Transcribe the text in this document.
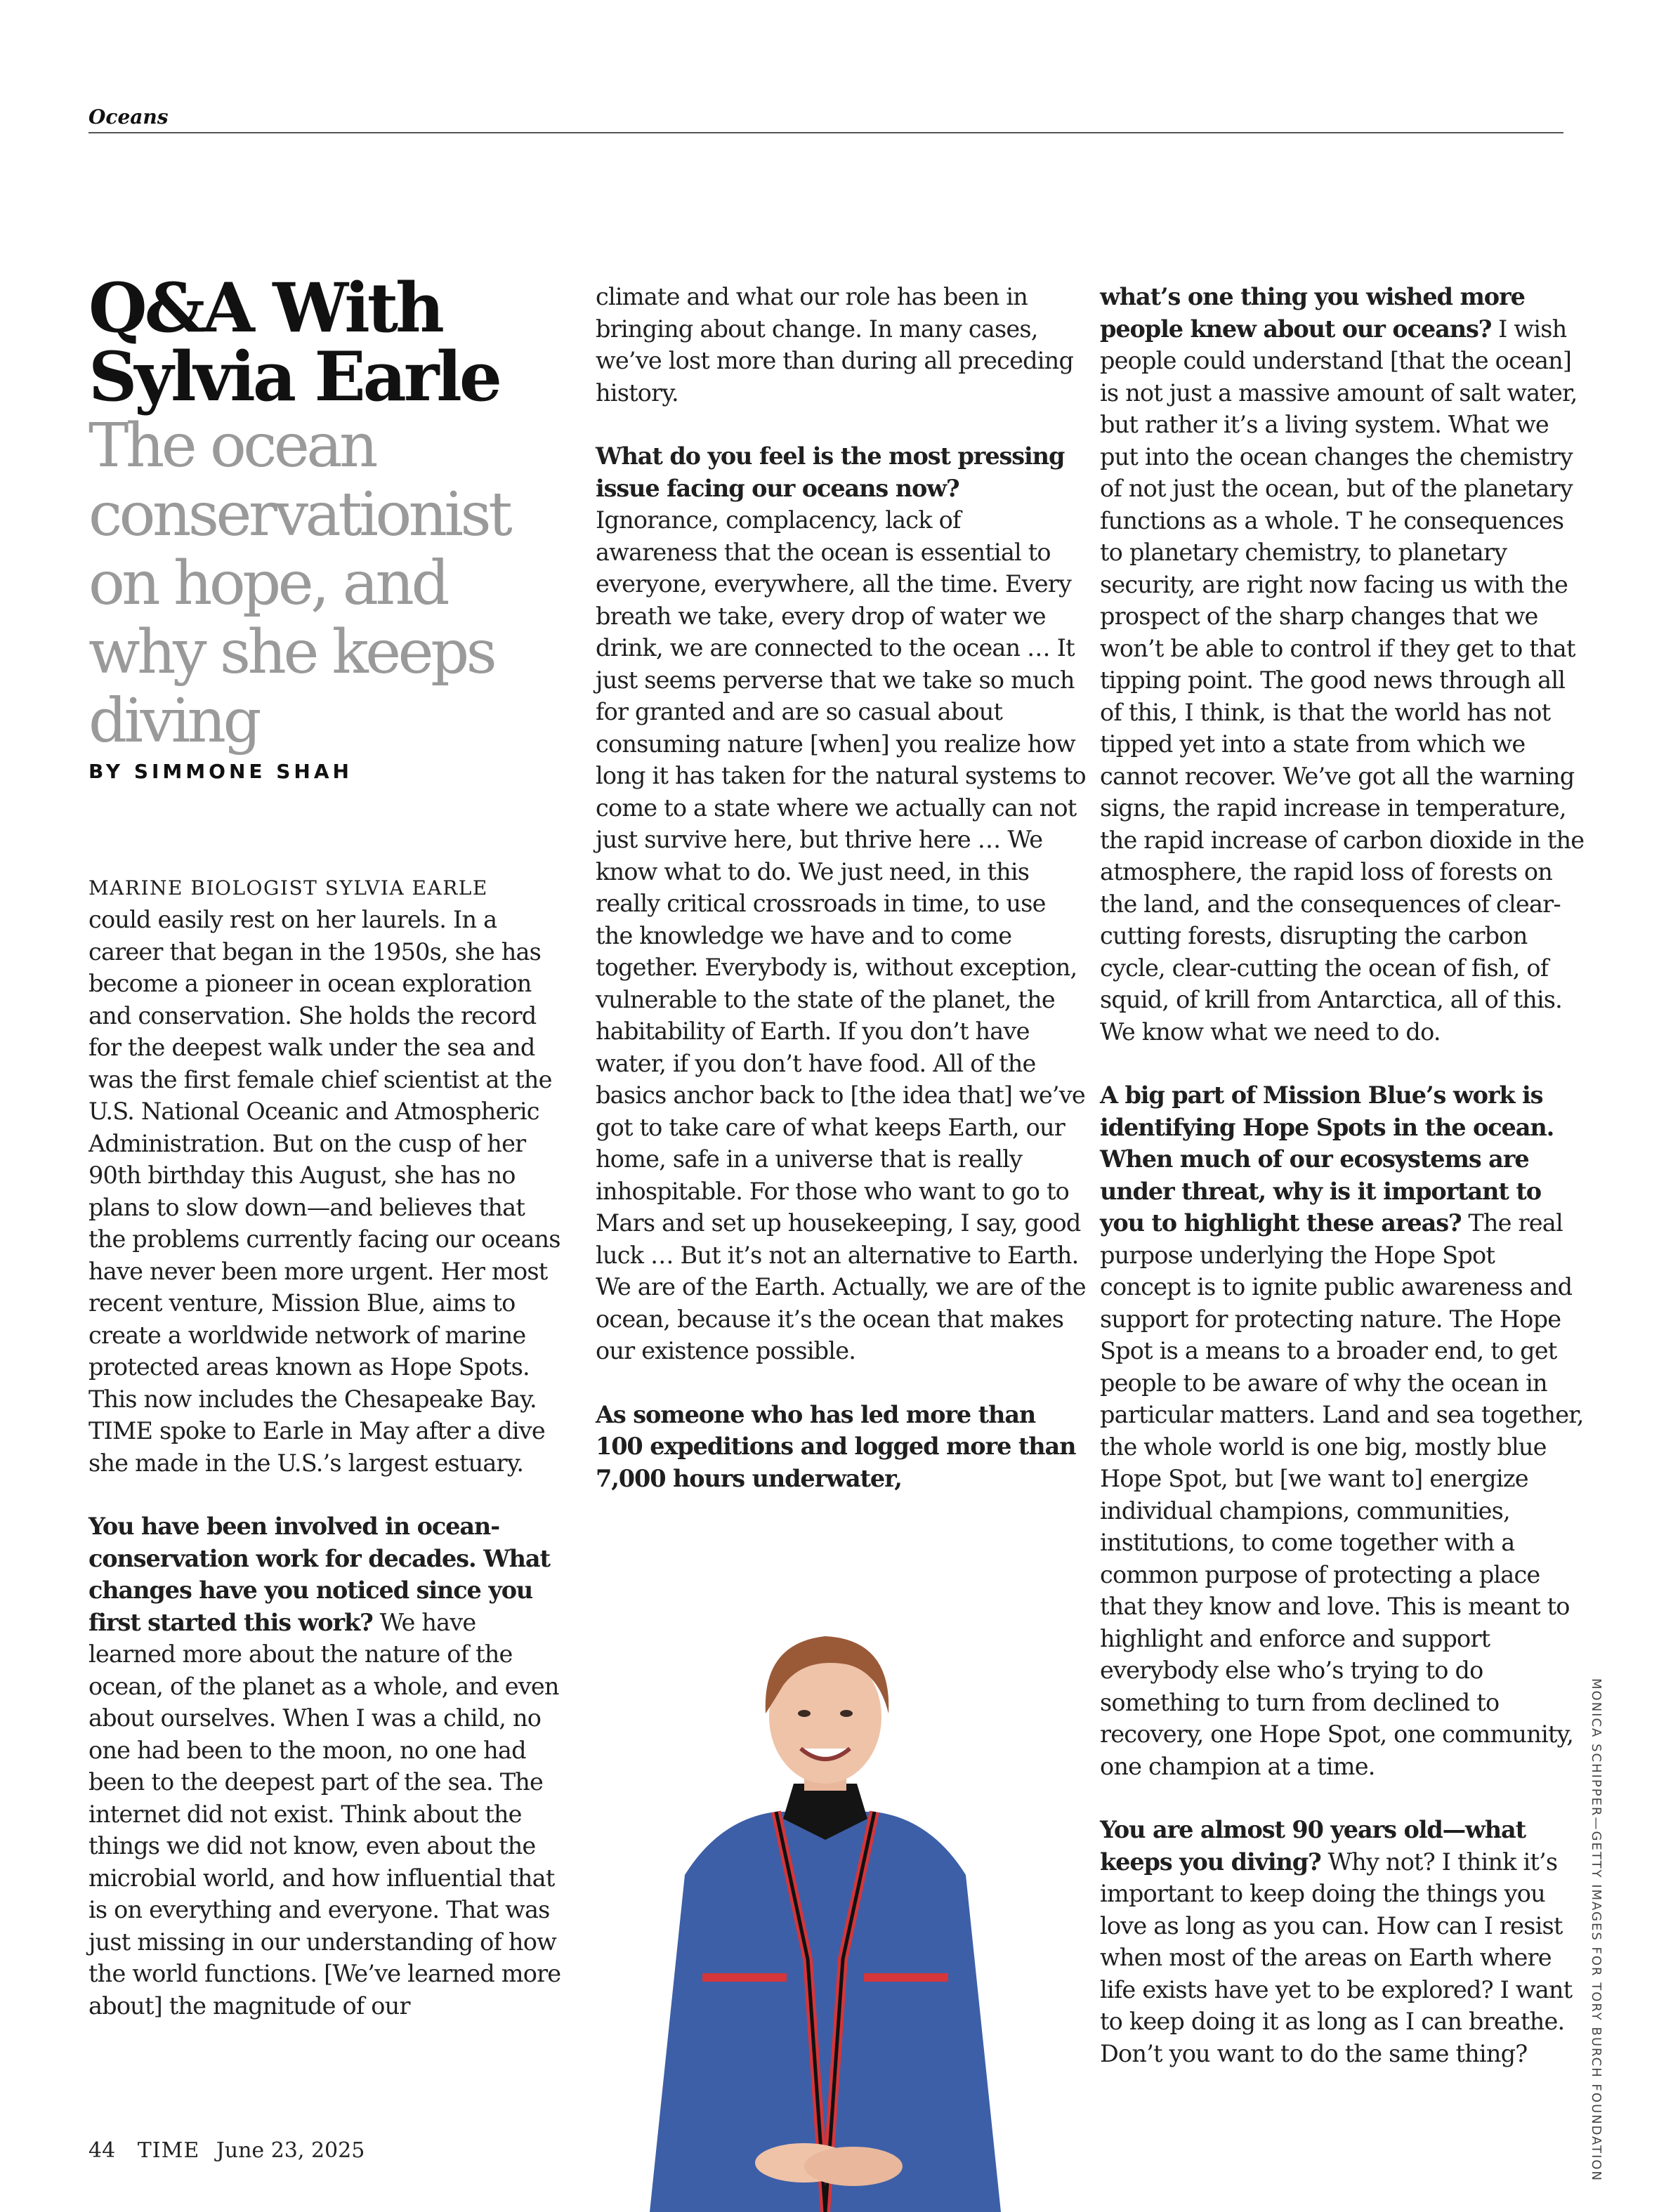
Oceans
Q&A With
Sylvia Earle

The ocean conservationist on hope, and why she keeps diving

BY SIMMONE SHAH

MARINE BIOLOGIST SYLVIA EARLE
could easily rest on her laurels. In a career that began in the 1950s, she has become a pioneer in ocean exploration and conservation. She holds the record for the deepest walk under the sea and was the first female chief scientist at the U.S. National Oceanic and Atmospheric Administration. But on the cusp of her 90th birthday this August, she has no plans to slow down—and believes that the problems currently facing our oceans have never been more urgent. Her most recent venture, Mission Blue, aims to create a worldwide network of marine protected areas known as Hope Spots. This now includes the Chesapeake Bay. TIME spoke to Earle in May after a dive she made in the U.S.’s largest estuary.

You have been involved in ocean-conservation work for decades. What changes have you noticed since you first started this work? We have learned more about the nature of the ocean, of the planet as a whole, and even about ourselves. When I was a child, no one had been to the moon, no one had been to the deepest part of the sea. The internet did not exist. Think about the things we did not know, even about the microbial world, and how influential that is on everything and everyone. That was just missing in our understanding of how the world functions. [We’ve learned more about] the magnitude of our

climate and what our role has been in bringing about change. In many cases, we’ve lost more than during all preceding history.

What do you feel is the most pressing issue facing our oceans now? Ignorance, complacency, lack of awareness that the ocean is essential to everyone, everywhere, all the time. Every breath we take, every drop of water we drink, we are connected to the ocean … It just seems perverse that we take so much for granted and are so casual about consuming nature [when] you realize how long it has taken for the natural systems to come to a state where we actually can not just survive here, but thrive here … We know what to do. We just need, in this really critical crossroads in time, to use the knowledge we have and to come together. Everybody is, without exception, vulnerable to the state of the planet, the habitability of Earth. If you don’t have water, if you don’t have food. All of the basics anchor back to [the idea that] we’ve got to take care of what keeps Earth, our home, safe in a universe that is really inhospitable. For those who want to go to Mars and set up housekeeping, I say, good luck … But it’s not an alternative to Earth. We are of the Earth. Actually, we are of the ocean, because it’s the ocean that makes our existence possible.

As someone who has led more than 100 expeditions and logged more than 7,000 hours underwater,

what’s one thing you wished more people knew about our oceans? I wish people could understand [that the ocean] is not just a massive amount of salt water, but rather it’s a living system. What we put into the ocean changes the chemistry of not just the ocean, but of the planetary functions as a whole. T he consequences to planetary chemistry, to planetary security, are right now facing us with the prospect of the sharp changes that we won’t be able to control if they get to that tipping point. The good news through all of this, I think, is that the world has not tipped yet into a state from which we cannot recover. We’ve got all the warning signs, the rapid increase in temperature, the rapid increase of carbon dioxide in the atmosphere, the rapid loss of forests on the land, and the consequences of clear-cutting forests, disrupting the carbon cycle, clear-cutting the ocean of fish, of squid, of krill from Antarctica, all of this. We know what we need to do.

A big part of Mission Blue’s work is identifying Hope Spots in the ocean. When much of our ecosystems are under threat, why is it important to you to highlight these areas? The real purpose underlying the Hope Spot concept is to ignite public awareness and support for protecting nature. The Hope Spot is a means to a broader end, to get people to be aware of why the ocean in particular matters. Land and sea together, the whole world is one big, mostly blue Hope Spot, but [we want to] energize individual champions, communities, institutions, to come together with a common purpose of protecting a place that they know and love. This is meant to highlight and enforce and support everybody else who’s trying to do something to turn from declined to recovery, one Hope Spot, one community, one champion at a time.

You are almost 90 years old—what keeps you diving? Why not? I think it’s important to keep doing the things you love as long as you can. How can I resist when most of the areas on Earth where life exists have yet to be explored? I want to keep doing it as long as I can breathe. Don’t you want to do the same thing?	MONICA SCHIPPER—GETTY IMAGES FOR TORY BURCH FOUNDATION
44 TIME June 23, 2025
